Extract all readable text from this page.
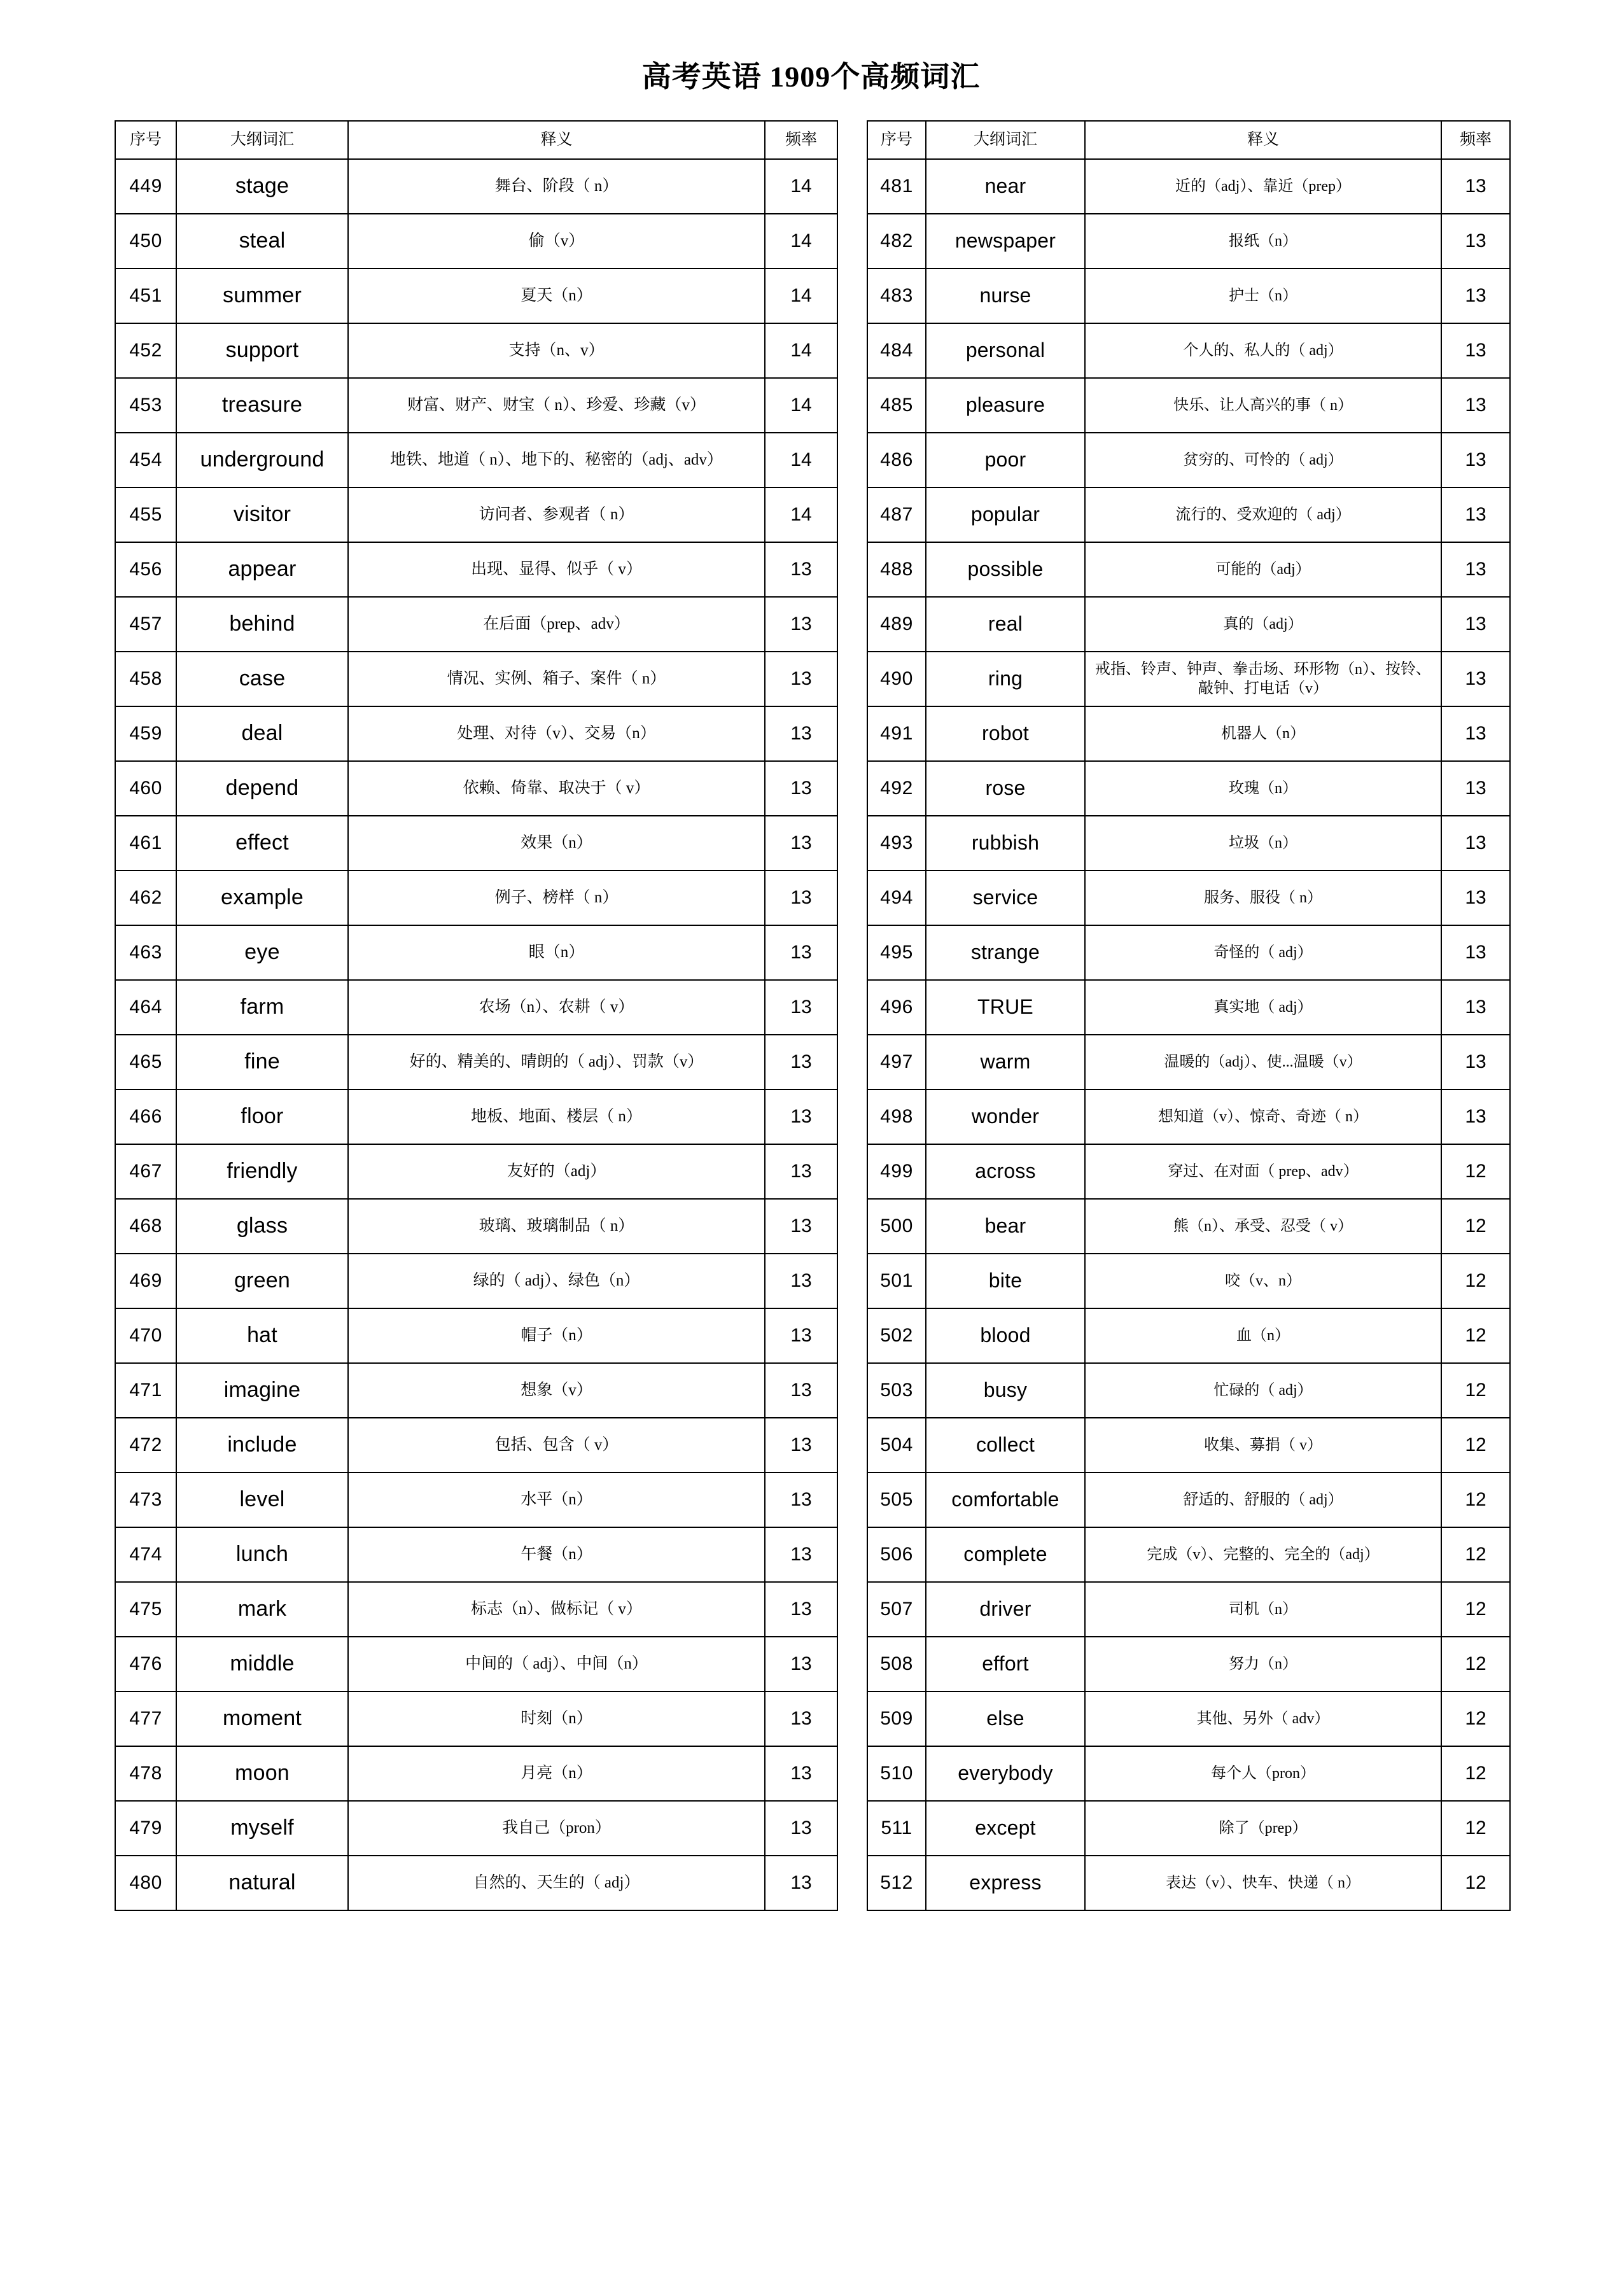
高考英语 1909个高频词汇
序号	大纲词汇	释义	频率
449	stage	舞台、阶段（ n）	14
450	steal	偷（v）	14
451	summer	夏天（n）	14
452	support	支持（n、v）	14
453	treasure	财富、财产、财宝（ n）、珍爱、珍藏（v）	14
454	underground	地铁、地道（ n）、地下的、秘密的（adj、adv）	14
455	visitor	访问者、参观者（ n）	14
456	appear	出现、显得、似乎（ v）	13
457	behind	在后面（prep、adv）	13
458	case	情况、实例、箱子、案件（ n）	13
459	deal	处理、对待（v）、交易（n）	13
460	depend	依赖、倚靠、取决于（ v）	13
461	effect	效果（n）	13
462	example	例子、榜样（ n）	13
463	eye	眼（n）	13
464	farm	农场（n）、农耕（ v）	13
465	fine	好的、精美的、晴朗的（ adj）、罚款（v）	13
466	floor	地板、地面、楼层（ n）	13
467	friendly	友好的（adj）	13
468	glass	玻璃、玻璃制品（ n）	13
469	green	绿的（ adj）、绿色（n）	13
470	hat	帽子（n）	13
471	imagine	想象（v）	13
472	include	包括、包含（ v）	13
473	level	水平（n）	13
474	lunch	午餐（n）	13
475	mark	标志（n）、做标记（ v）	13
476	middle	中间的（ adj）、中间（n）	13
477	moment	时刻（n）	13
478	moon	月亮（n）	13
479	myself	我自己（pron）	13
480	natural	自然的、天生的（ adj）	13
序号	大纲词汇	释义	频率
481	near	近的（adj）、靠近（prep）	13
482	newspaper	报纸（n）	13
483	nurse	护士（n）	13
484	personal	个人的、私人的（ adj）	13
485	pleasure	快乐、让人高兴的事（ n）	13
486	poor	贫穷的、可怜的（ adj）	13
487	popular	流行的、受欢迎的（ adj）	13
488	possible	可能的（adj）	13
489	real	真的（adj）	13
490	ring	戒指、铃声、钟声、拳击场、环形物（n）、按铃、敲钟、打电话（v）	13
491	robot	机器人（n）	13
492	rose	玫瑰（n）	13
493	rubbish	垃圾（n）	13
494	service	服务、服役（ n）	13
495	strange	奇怪的（ adj）	13
496	TRUE	真实地（ adj）	13
497	warm	温暖的（adj）、使...温暖（v）	13
498	wonder	想知道（v）、惊奇、奇迹（ n）	13
499	across	穿过、在对面（ prep、adv）	12
500	bear	熊（n）、承受、忍受（ v）	12
501	bite	咬（v、n）	12
502	blood	血（n）	12
503	busy	忙碌的（ adj）	12
504	collect	收集、募捐（ v）	12
505	comfortable	舒适的、舒服的（ adj）	12
506	complete	完成（v）、完整的、完全的（adj）	12
507	driver	司机（n）	12
508	effort	努力（n）	12
509	else	其他、另外（ adv）	12
510	everybody	每个人（pron）	12
511	except	除了（prep）	12
512	express	表达（v）、快车、快递（ n）	12
